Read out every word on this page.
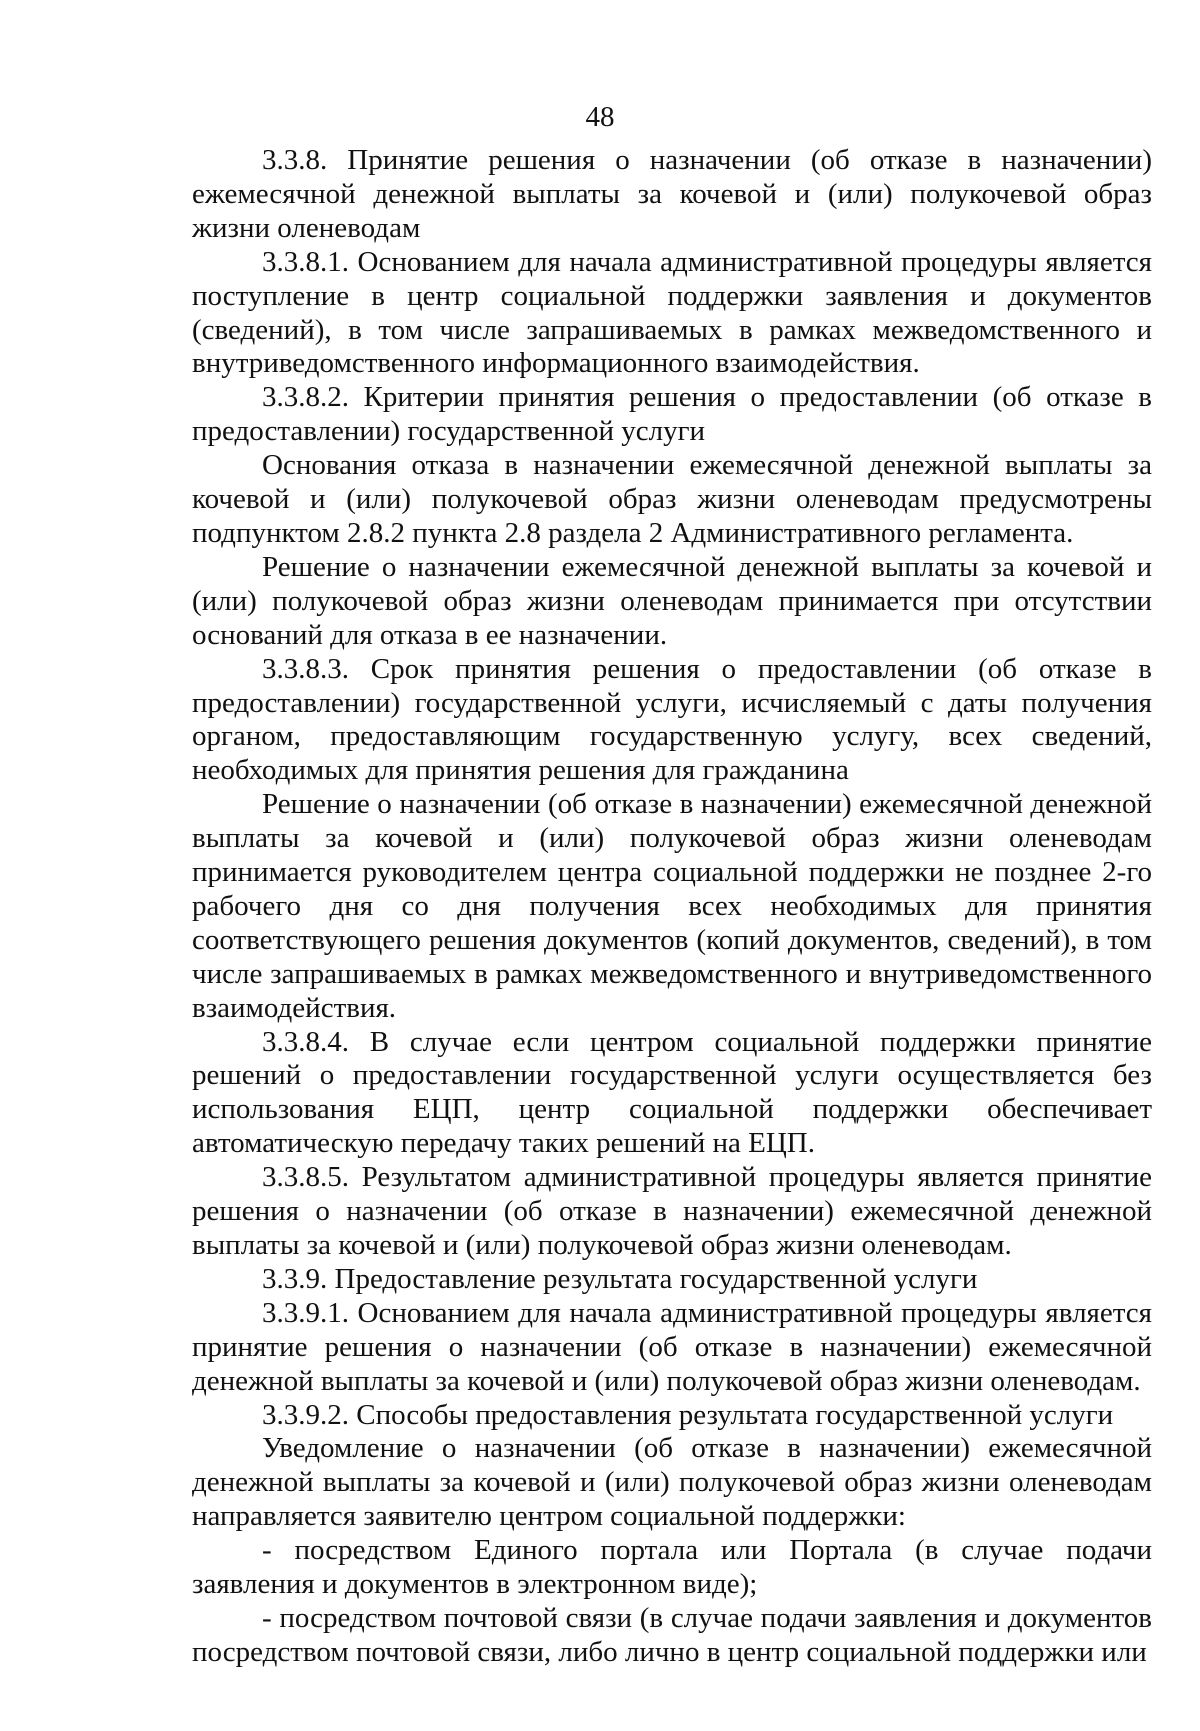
48

3.3.8. Принятие решения о назначении (об отказе в назначении) ежемесячной денежной выплаты за кочевой и (или) полукочевой образ жизни оленеводам

3.3.8.1. Основанием для начала административной процедуры является поступление в центр социальной поддержки заявления и документов (сведений), в том числе запрашиваемых в рамках межведомственного и внутриведомственного информационного взаимодействия.

3.3.8.2. Критерии принятия решения о предоставлении (об отказе в предоставлении) государственной услуги

Основания отказа в назначении ежемесячной денежной выплаты за кочевой и (или) полукочевой образ жизни оленеводам предусмотрены подпунктом 2.8.2 пункта 2.8 раздела 2 Административного регламента.

Решение о назначении ежемесячной денежной выплаты за кочевой и (или) полукочевой образ жизни оленеводам принимается при отсутствии оснований для отказа в ее назначении.

3.3.8.3. Срок принятия решения о предоставлении (об отказе в предоставлении) государственной услуги, исчисляемый с даты получения органом, предоставляющим государственную услугу, всех сведений, необходимых для принятия решения для гражданина

Решение о назначении (об отказе в назначении) ежемесячной денежной выплаты за кочевой и (или) полукочевой образ жизни оленеводам принимается руководителем центра социальной поддержки не позднее 2-го рабочего дня со дня получения всех необходимых для принятия соответствующего решения документов (копий документов, сведений), в том числе запрашиваемых в рамках межведомственного и внутриведомственного взаимодействия.

3.3.8.4. В случае если центром социальной поддержки принятие решений о предоставлении государственной услуги осуществляется без использования ЕЦП, центр социальной поддержки обеспечивает автоматическую передачу таких решений на ЕЦП.

3.3.8.5. Результатом административной процедуры является принятие решения о назначении (об отказе в назначении) ежемесячной денежной выплаты за кочевой и (или) полукочевой образ жизни оленеводам.

3.3.9. Предоставление результата государственной услуги

3.3.9.1. Основанием для начала административной процедуры является принятие решения о назначении (об отказе в назначении) ежемесячной денежной выплаты за кочевой и (или) полукочевой образ жизни оленеводам.

3.3.9.2. Способы предоставления результата государственной услуги

Уведомление о назначении (об отказе в назначении) ежемесячной денежной выплаты за кочевой и (или) полукочевой образ жизни оленеводам направляется заявителю центром социальной поддержки:

- посредством Единого портала или Портала (в случае подачи заявления и документов в электронном виде);

- посредством почтовой связи (в случае подачи заявления и документов посредством почтовой связи, либо лично в центр социальной поддержки или
